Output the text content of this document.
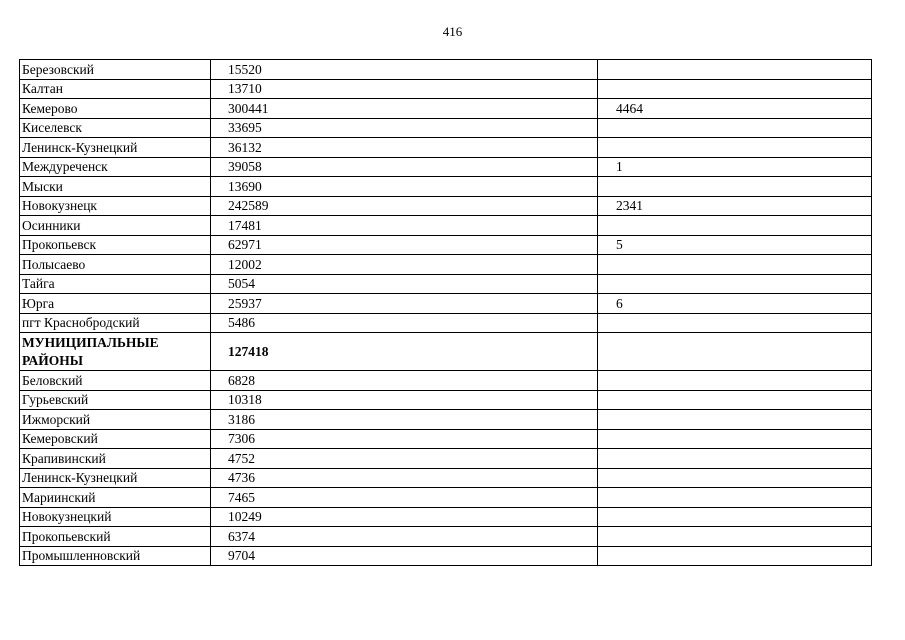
416
Березовский	15520	
Калтан	13710	
Кемерово	300441	4464
Киселевск	33695	
Ленинск-Кузнецкий	36132	
Междуреченск	39058	1
Мыски	13690	
Новокузнецк	242589	2341
Осинники	17481	
Прокопьевск	62971	5
Полысаево	12002	
Тайга	5054	
Юрга	25937	6
пгт Краснобродский	5486	
МУНИЦИПАЛЬНЫЕ РАЙОНЫ	127418	
Беловский	6828	
Гурьевский	10318	
Ижморский	3186	
Кемеровский	7306	
Крапивинский	4752	
Ленинск-Кузнецкий	4736	
Мариинский	7465	
Новокузнецкий	10249	
Прокопьевский	6374	
Промышленновский	9704	
